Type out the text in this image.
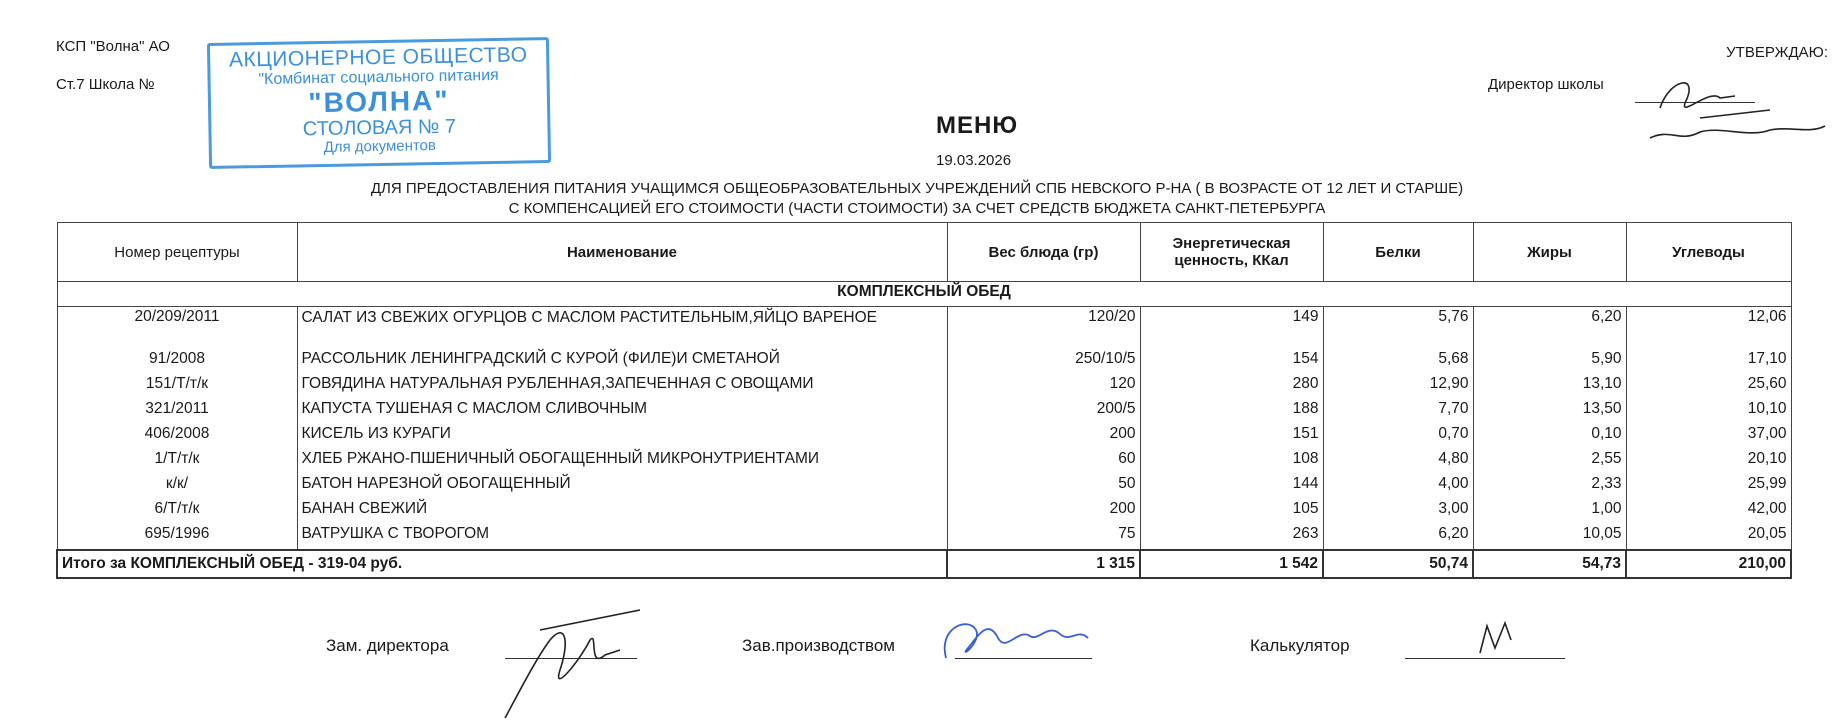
КСП "Волна" АО
Ст.7 Школа №
АКЦИОНЕРНОЕ ОБЩЕСТВО
"Комбинат социального питания
"ВОЛНА"
СТОЛОВАЯ № 7
Для документов
УТВЕРЖДАЮ:
Директор школы
МЕНЮ
19.03.2026
ДЛЯ ПРЕДОСТАВЛЕНИЯ ПИТАНИЯ УЧАЩИМСЯ ОБЩЕОБРАЗОВАТЕЛЬНЫХ УЧРЕЖДЕНИЙ СПБ НЕВСКОГО Р-НА ( В ВОЗРАСТЕ ОТ 12 ЛЕТ И СТАРШЕ)
С КОМПЕНСАЦИЕЙ ЕГО СТОИМОСТИ (ЧАСТИ СТОИМОСТИ) ЗА СЧЕТ СРЕДСТВ БЮДЖЕТА САНКТ-ПЕТЕРБУРГА
Номер рецептуры	Наименование	Вес блюда (гр)	Энергетическая ценность, ККал	Белки	Жиры	Углеводы
КОМПЛЕКСНЫЙ ОБЕД						
20/209/2011	САЛАТ ИЗ СВЕЖИХ ОГУРЦОВ С МАСЛОМ РАСТИТЕЛЬНЫМ,ЯЙЦО ВАРЕНОЕ	120/20	149	5,76	6,20	12,06
91/2008	РАССОЛЬНИК ЛЕНИНГРАДСКИЙ С КУРОЙ (ФИЛЕ)И СМЕТАНОЙ	250/10/5	154	5,68	5,90	17,10
151/Т/т/к	ГОВЯДИНА НАТУРАЛЬНАЯ РУБЛЕННАЯ,ЗАПЕЧЕННАЯ С ОВОЩАМИ	120	280	12,90	13,10	25,60
321/2011	КАПУСТА ТУШЕНАЯ С МАСЛОМ СЛИВОЧНЫМ	200/5	188	7,70	13,50	10,10
406/2008	КИСЕЛЬ ИЗ КУРАГИ	200	151	0,70	0,10	37,00
1/Т/т/к	ХЛЕБ РЖАНО-ПШЕНИЧНЫЙ ОБОГАЩЕННЫЙ МИКРОНУТРИЕНТАМИ	60	108	4,80	2,55	20,10
к/к/	БАТОН НАРЕЗНОЙ ОБОГАЩЕННЫЙ	50	144	4,00	2,33	25,99
6/Т/т/к	БАНАН СВЕЖИЙ	200	105	3,00	1,00	42,00
695/1996	ВАТРУШКА С ТВОРОГОМ	75	263	6,20	10,05	20,05
Итого за КОМПЛЕКСНЫЙ ОБЕД - 319-04 руб.		1 315	1 542	50,74	54,73	210,00
Зам. директора	Зав.производством	Калькулятор
